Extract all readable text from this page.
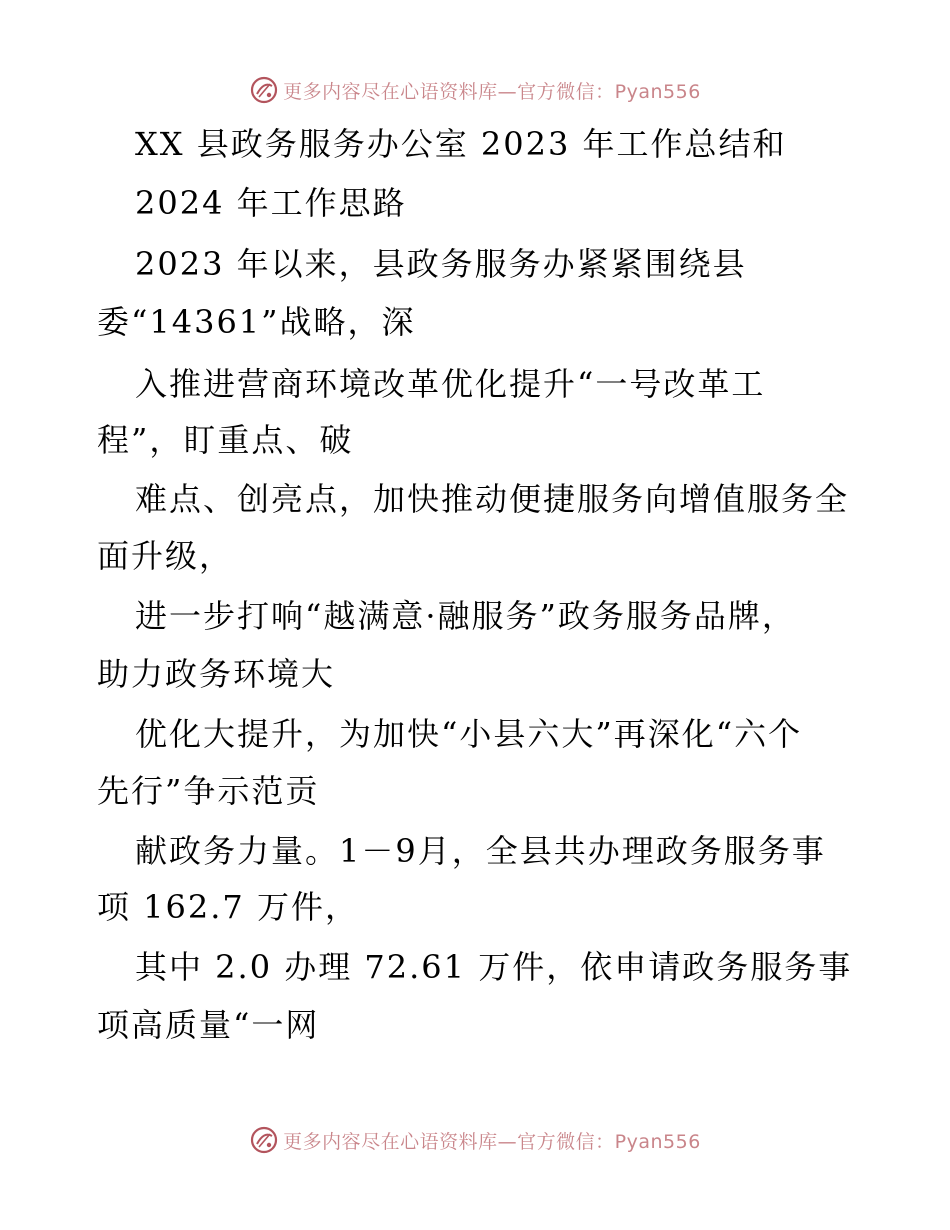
更多内容尽在心语资料库—官方微信：Pyan556
XX 县政务服务办公室 2023 年工作总结和
2024 年工作思路
2023 年以来，县政务服务办紧紧围绕县
委“14361”战略，深
入推进营商环境改革优化提升“一号改革工
程”，盯重点、破
难点、创亮点，加快推动便捷服务向增值服务全
面升级，
进一步打响“越满意·融服务”政务服务品牌，
助力政务环境大
优化大提升，为加快“小县六大”再深化“六个
先行”争示范贡
献政务力量。1－9月，全县共办理政务服务事
项 162.7 万件，
其中 2.0 办理 72.61 万件，依申请政务服务事
项高质量“一网
更多内容尽在心语资料库—官方微信：Pyan556
